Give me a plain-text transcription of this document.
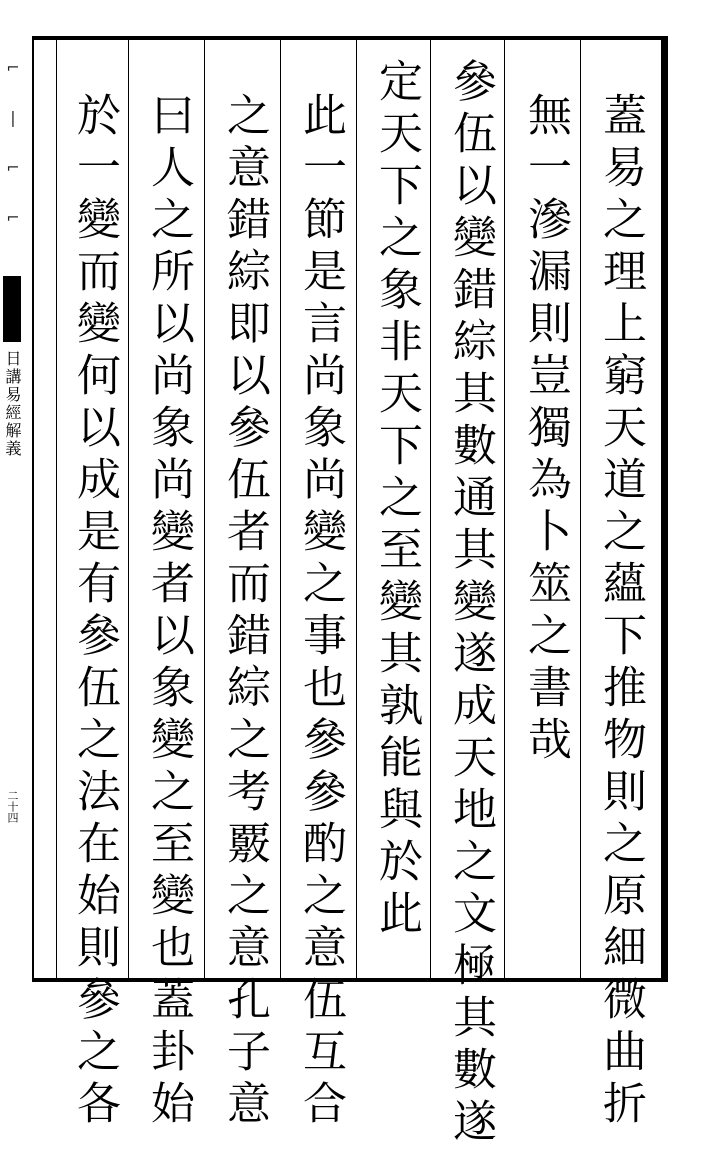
⌐
|
⌐
⌐
日講易經解義
二十四	蓋易之理上窮天道之蘊下推物則之原細微曲折
無一滲漏則豈獨為卜筮之書哉
參伍以變錯綜其數通其變遂成天地之文極其數遂
定天下之象非天下之至變其孰能與於此
此一節是言尚象尚變之事也參參酌之意伍互合
之意錯綜即以參伍者而錯綜之考覈之意孔子意
曰人之所以尚象尚變者以象變之至變也蓋卦始
於一變而變何以成是有參伍之法在始則參之各
